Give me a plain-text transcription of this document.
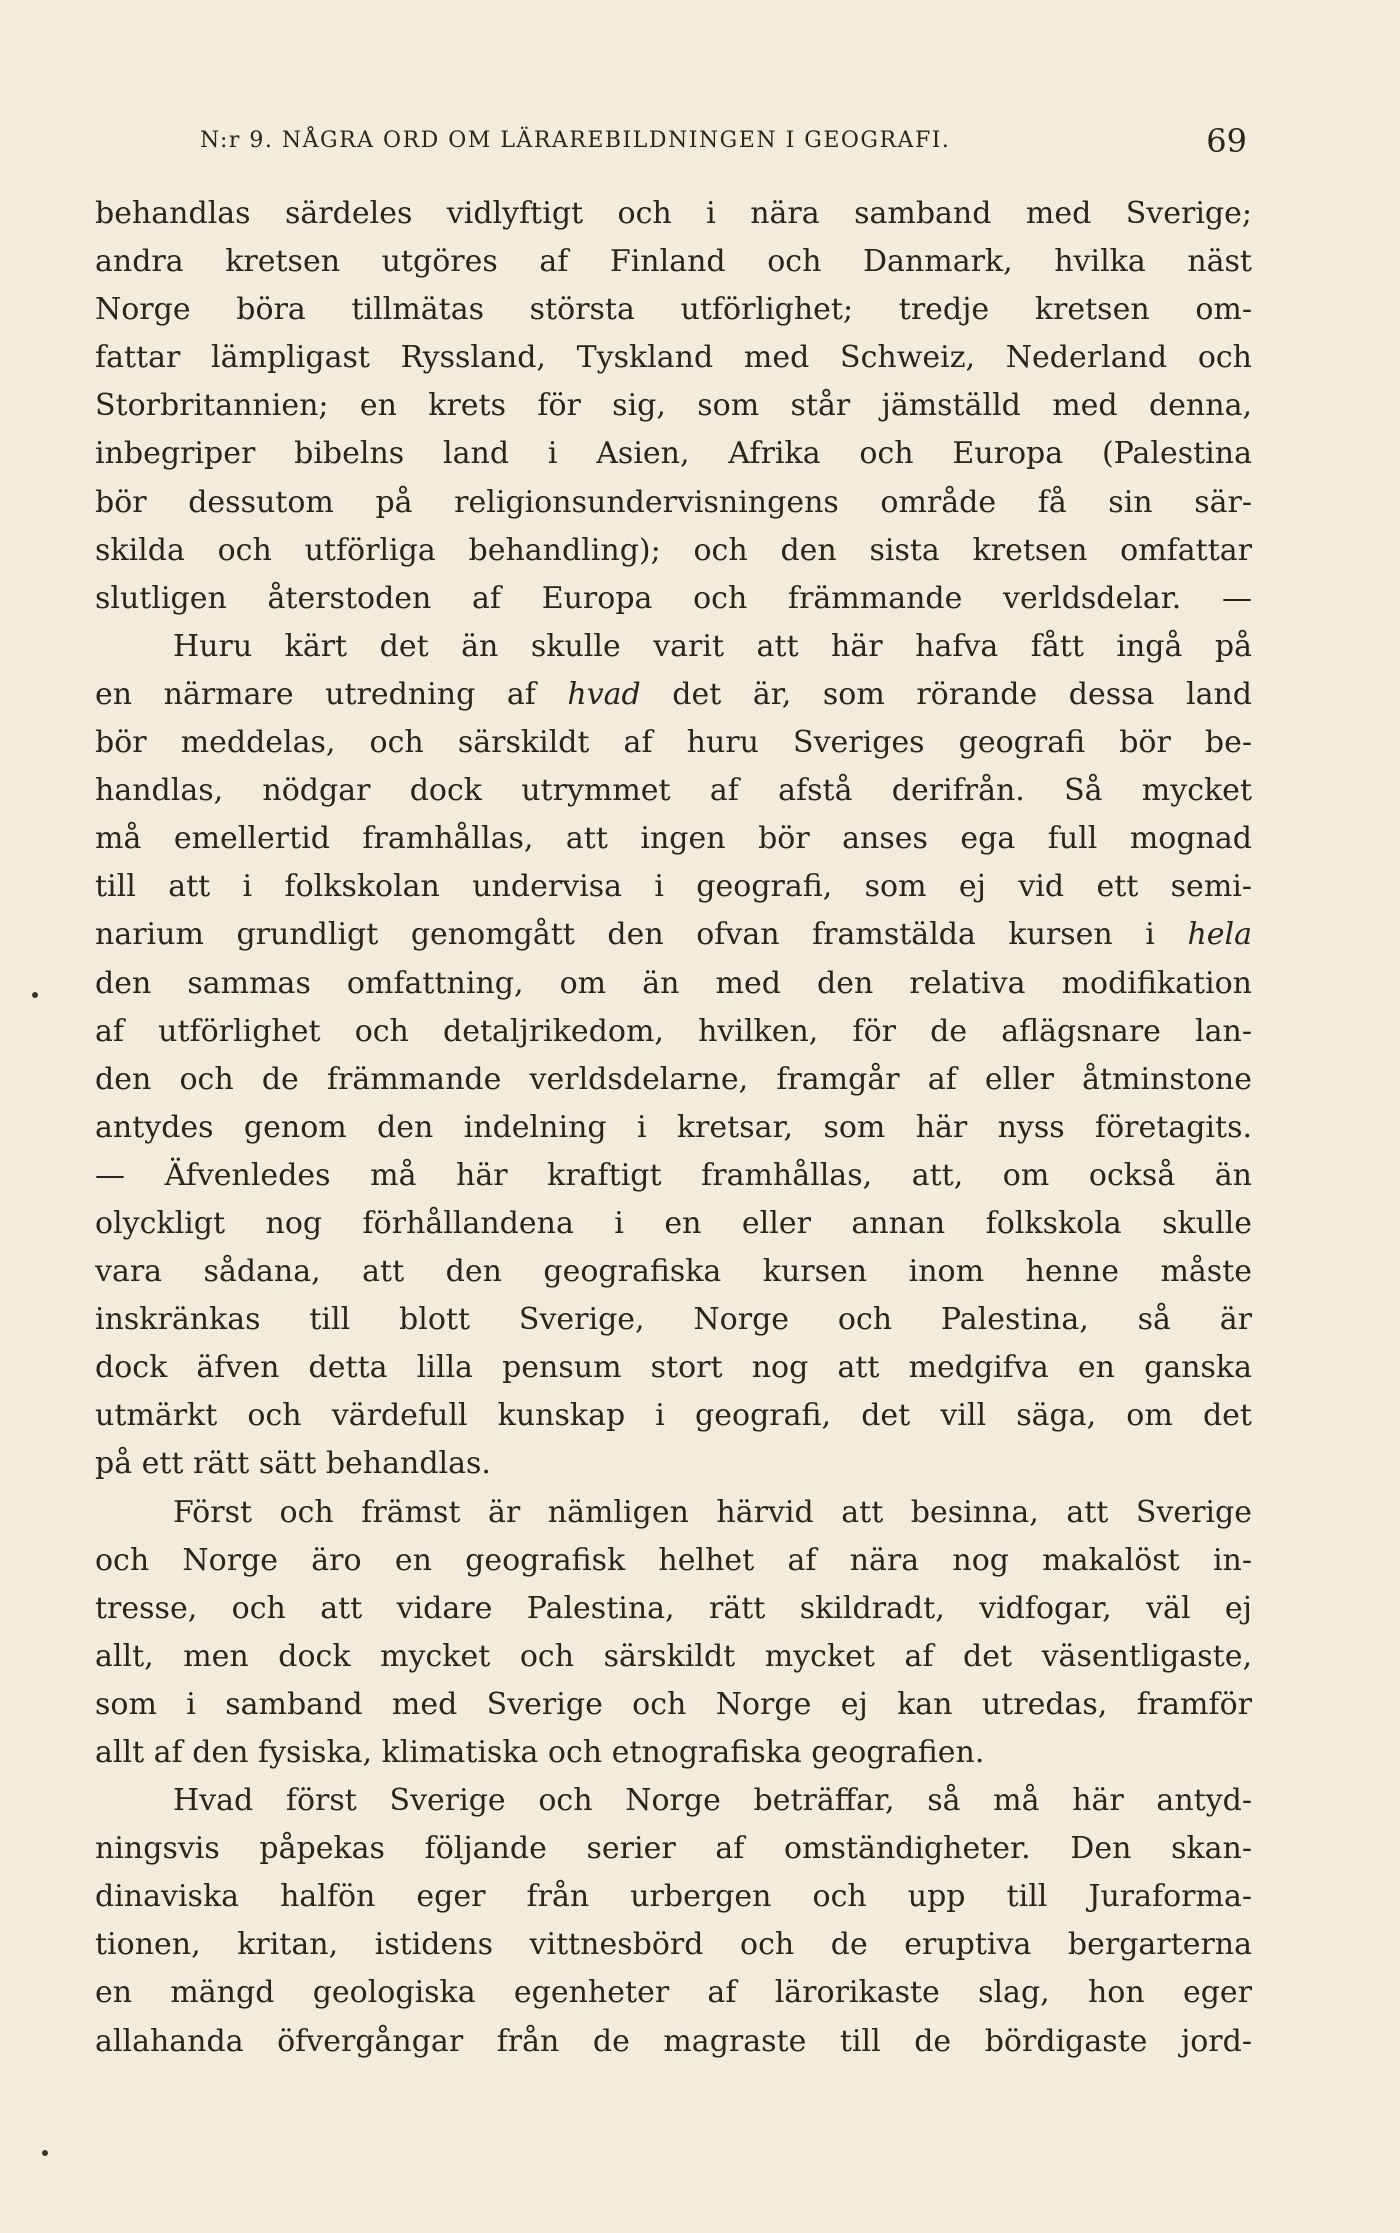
N:r 9. NÅGRA ORD OM LÄRAREBILDNINGEN I GEOGRAFI.	69
behandlas särdeles vidlyftigt och i nära samband med Sverige;
andra kretsen utgöres af Finland och Danmark, hvilka näst
Norge böra tillmätas största utförlighet; tredje kretsen om-
fattar lämpligast Ryssland, Tyskland med Schweiz, Nederland och
Storbritannien; en krets för sig, som står jämställd med denna,
inbegriper bibelns land i Asien, Afrika och Europa (Palestina
bör dessutom på religionsundervisningens område få sin sär-
skilda och utförliga behandling); och den sista kretsen omfattar
slutligen återstoden af Europa och främmande verldsdelar. —
Huru kärt det än skulle varit att här hafva fått ingå på
en närmare utredning af hvad det är, som rörande dessa land
bör meddelas, och särskildt af huru Sveriges geografi bör be-
handlas, nödgar dock utrymmet af afstå derifrån. Så mycket
må emellertid framhållas, att ingen bör anses ega full mognad
till att i folkskolan undervisa i geografi, som ej vid ett semi-
narium grundligt genomgått den ofvan framstälda kursen i hela
den sammas omfattning, om än med den relativa modifikation
af utförlighet och detaljrikedom, hvilken, för de aflägsnare lan-
den och de främmande verldsdelarne, framgår af eller åtminstone
antydes genom den indelning i kretsar, som här nyss företagits.
— Äfvenledes må här kraftigt framhållas, att, om också än
olyckligt nog förhållandena i en eller annan folkskola skulle
vara sådana, att den geografiska kursen inom henne måste
inskränkas till blott Sverige, Norge och Palestina, så är
dock äfven detta lilla pensum stort nog att medgifva en ganska
utmärkt och värdefull kunskap i geografi, det vill säga, om det
på ett rätt sätt behandlas.
Först och främst är nämligen härvid att besinna, att Sverige
och Norge äro en geografisk helhet af nära nog makalöst in-
tresse, och att vidare Palestina, rätt skildradt, vidfogar, väl ej
allt, men dock mycket och särskildt mycket af det väsentligaste,
som i samband med Sverige och Norge ej kan utredas, framför
allt af den fysiska, klimatiska och etnografiska geografien.
Hvad först Sverige och Norge beträffar, så må här antyd-
ningsvis påpekas följande serier af omständigheter. Den skan-
dinaviska halfön eger från urbergen och upp till Juraforma-
tionen, kritan, istidens vittnesbörd och de eruptiva bergarterna
en mängd geologiska egenheter af lärorikaste slag, hon eger
allahanda öfvergångar från de magraste till de bördigaste jord-
